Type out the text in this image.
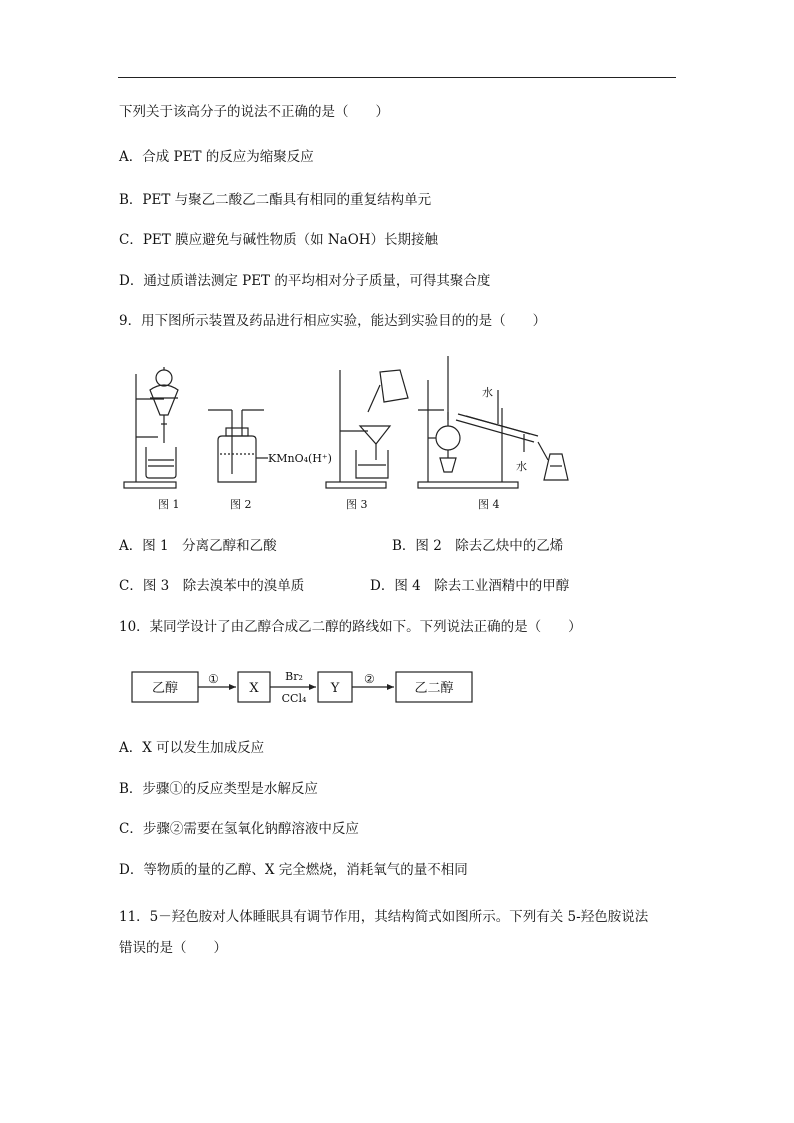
下列关于该高分子的说法不正确的是（　　）
A．合成 PET 的反应为缩聚反应
B．PET 与聚乙二酸乙二酯具有相同的重复结构单元
C．PET 膜应避免与碱性物质（如 NaOH）长期接触
D．通过质谱法测定 PET 的平均相对分子质量，可得其聚合度
9．用下图所示装置及药品进行相应实验，能达到实验目的的是（　　）
KMnO₄(H⁺)
水
水
图 1	图 2	图 3	图 4
A．图 1　分离乙醇和乙酸	B．图 2　除去乙炔中的乙烯
C．图 3　除去溴苯中的溴单质	D．图 4　除去工业酒精中的甲醇
10．某同学设计了由乙醇合成乙二醇的路线如下。下列说法正确的是（　　）
乙醇
①
X
Br₂
CCl₄
Y
②
乙二醇
A．X 可以发生加成反应
B．步骤①的反应类型是水解反应
C．步骤②需要在氢氧化钠醇溶液中反应
D．等物质的量的乙醇、X 完全燃烧，消耗氧气的量不相同
11．5－羟色胺对人体睡眠具有调节作用，其结构简式如图所示。下列有关 5-羟色胺说法
错误的是（　　）
